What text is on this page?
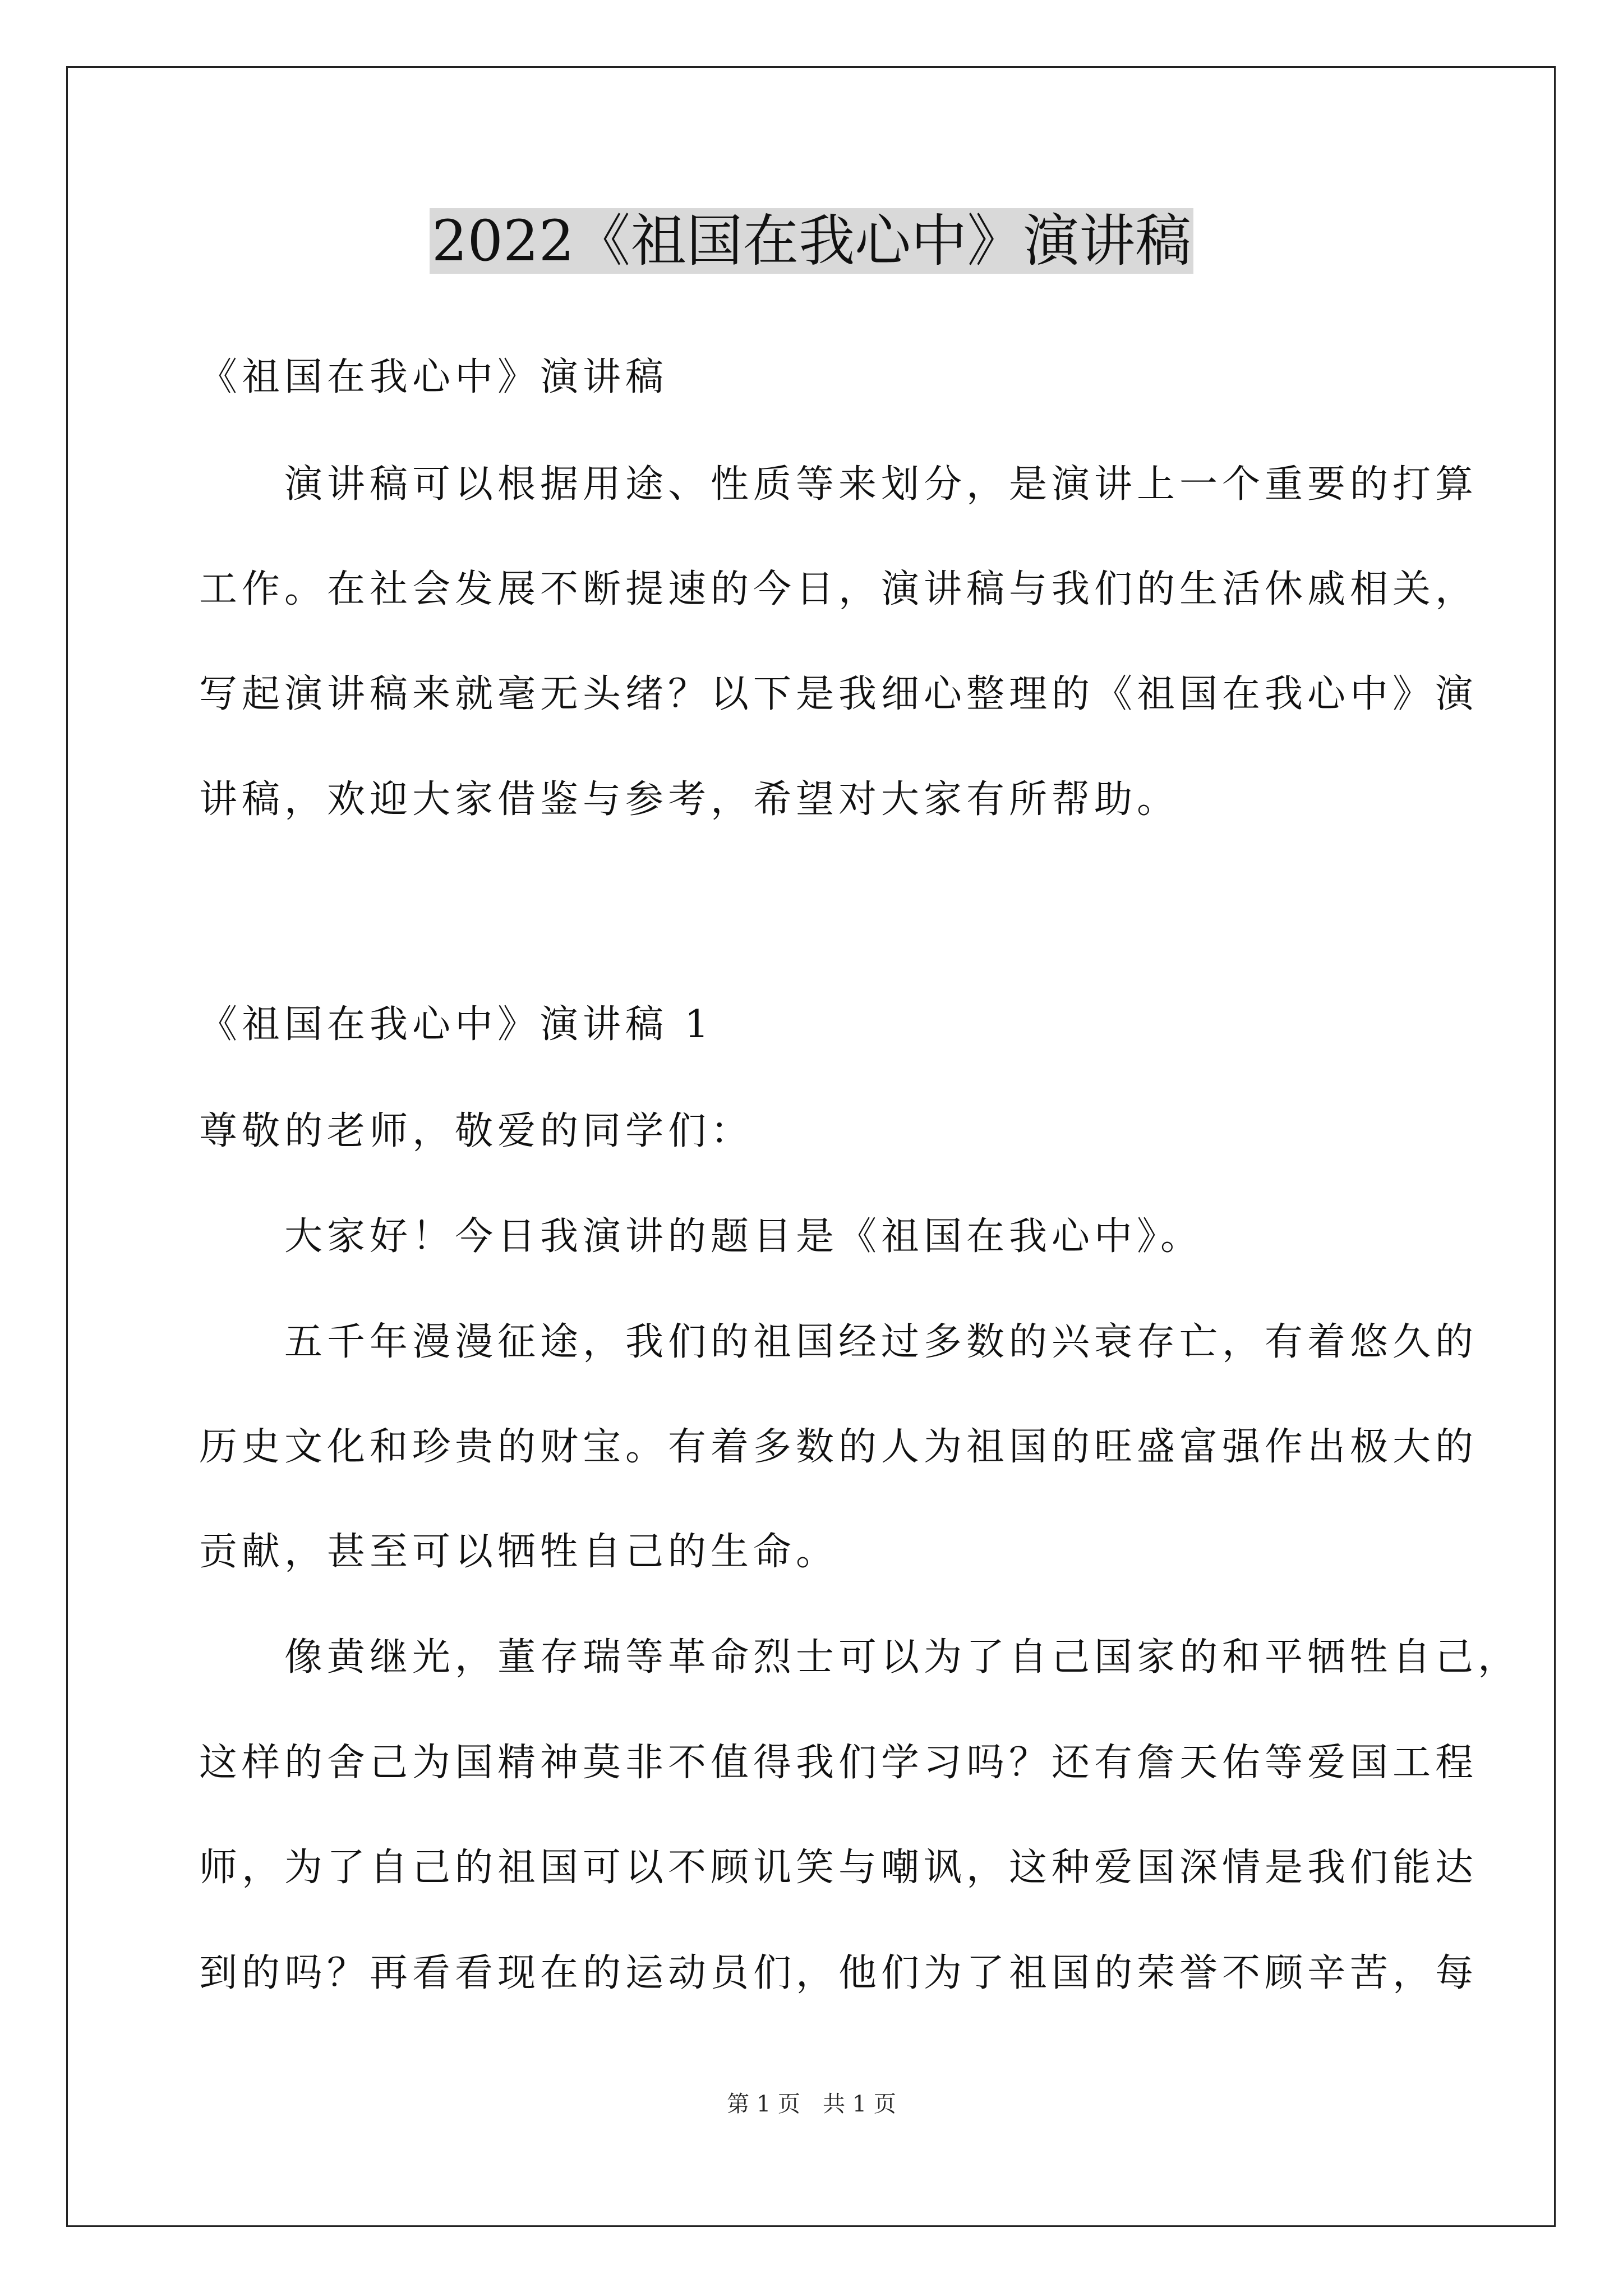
2022《祖国在我心中》演讲稿
《祖国在我心中》演讲稿
　　演讲稿可以根据用途、性质等来划分，是演讲上一个重要的打算
工作。在社会发展不断提速的今日，演讲稿与我们的生活休戚相关，
写起演讲稿来就毫无头绪？以下是我细心整理的《祖国在我心中》演
讲稿，欢迎大家借鉴与参考，希望对大家有所帮助。
《祖国在我心中》演讲稿 1
尊敬的老师，敬爱的同学们：
　　大家好！今日我演讲的题目是《祖国在我心中》。
　　五千年漫漫征途，我们的祖国经过多数的兴衰存亡，有着悠久的
历史文化和珍贵的财宝。有着多数的人为祖国的旺盛富强作出极大的
贡献，甚至可以牺牲自己的生命。
　　像黄继光，董存瑞等革命烈士可以为了自己国家的和平牺牲自己，
这样的舍己为国精神莫非不值得我们学习吗？还有詹天佑等爱国工程
师，为了自己的祖国可以不顾讥笑与嘲讽，这种爱国深情是我们能达
到的吗？再看看现在的运动员们，他们为了祖国的荣誉不顾辛苦，每
第 1 页　共 1 页
